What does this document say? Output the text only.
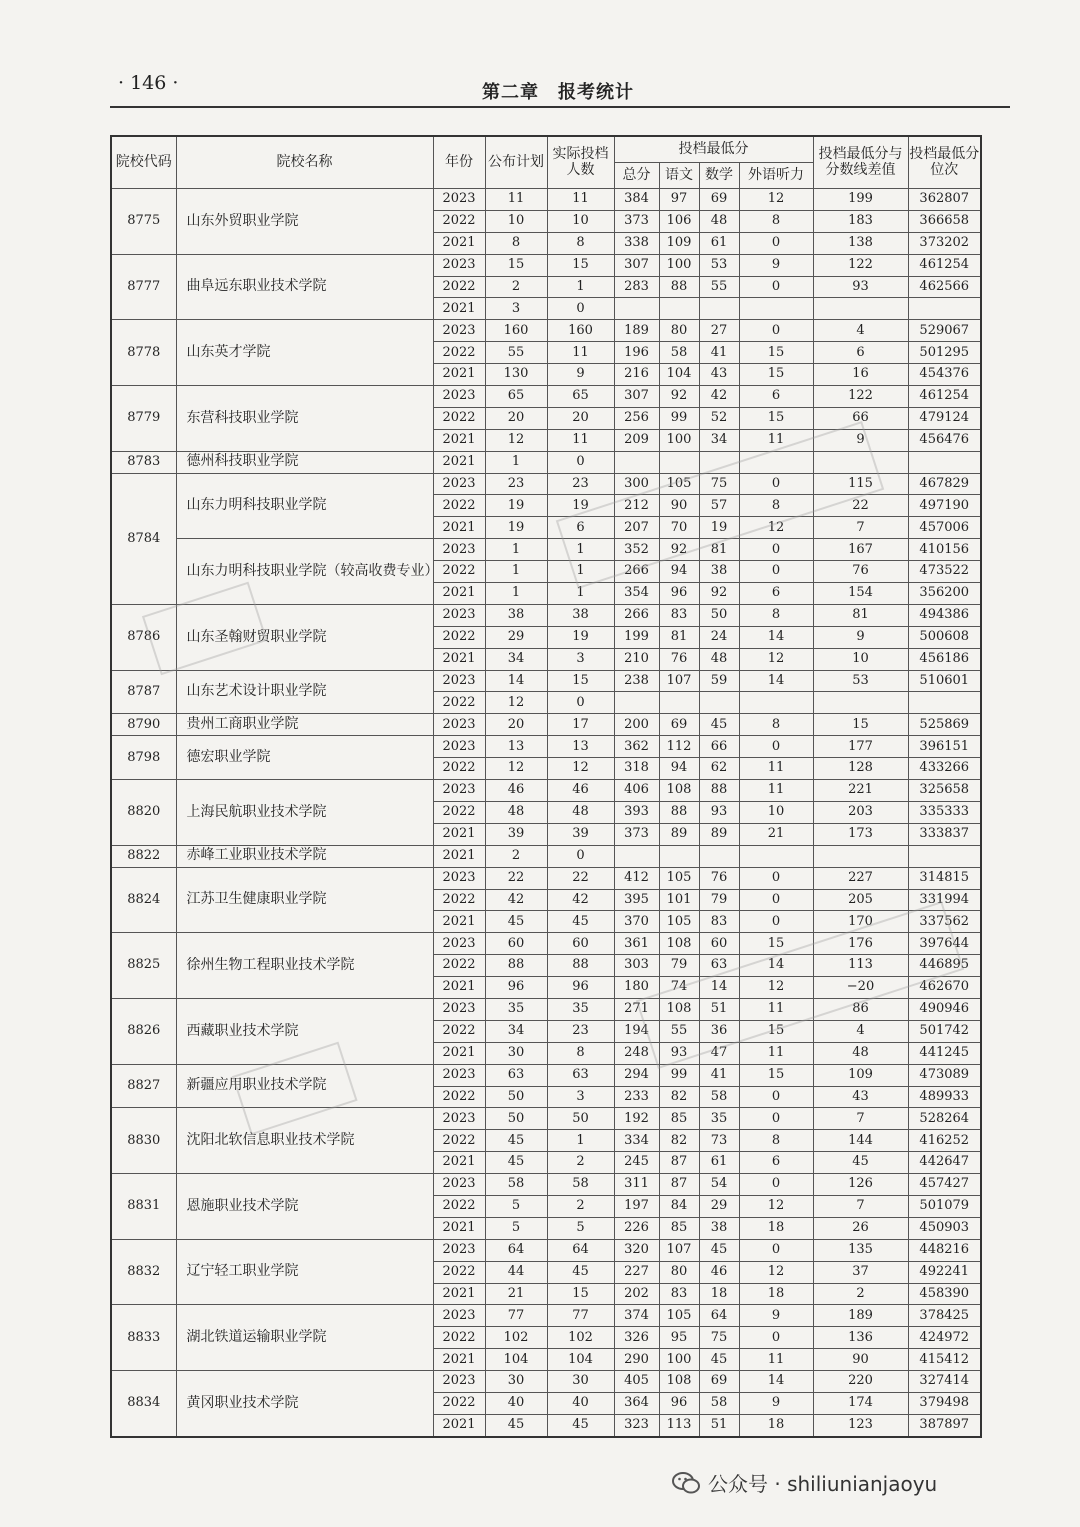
· 146 ·	第二章　报考统计
院校代码	院校名称	年份	公布计划	实际投档人数	投档最低分				投档最低分与分数线差值	投档最低分位次
					总分	语文	数学	外语听力		
8775	山东外贸职业学院	2023	11	11	384	97	69	12	199	362807
		2022	10	10	373	106	48	8	183	366658
		2021	8	8	338	109	61	0	138	373202
8777	曲阜远东职业技术学院	2023	15	15	307	100	53	9	122	461254
		2022	2	1	283	88	55	0	93	462566
		2021	3	0						
8778	山东英才学院	2023	160	160	189	80	27	0	4	529067
		2022	55	11	196	58	41	15	6	501295
		2021	130	9	216	104	43	15	16	454376
8779	东营科技职业学院	2023	65	65	307	92	42	6	122	461254
		2022	20	20	256	99	52	15	66	479124
		2021	12	11	209	100	34	11	9	456476
8783	德州科技职业学院	2021	1	0						
8784	山东力明科技职业学院	2023	23	23	300	105	75	0	115	467829
		2022	19	19	212	90	57	8	22	497190
		2021	19	6	207	70	19	12	7	457006
	山东力明科技职业学院（较高收费专业）	2023	1	1	352	92	81	0	167	410156
		2022	1	1	266	94	38	0	76	473522
		2021	1	1	354	96	92	6	154	356200
8786	山东圣翰财贸职业学院	2023	38	38	266	83	50	8	81	494386
		2022	29	19	199	81	24	14	9	500608
		2021	34	3	210	76	48	12	10	456186
8787	山东艺术设计职业学院	2023	14	15	238	107	59	14	53	510601
		2022	12	0						
8790	贵州工商职业学院	2023	20	17	200	69	45	8	15	525869
8798	德宏职业学院	2023	13	13	362	112	66	0	177	396151
		2022	12	12	318	94	62	11	128	433266
8820	上海民航职业技术学院	2023	46	46	406	108	88	11	221	325658
		2022	48	48	393	88	93	10	203	335333
		2021	39	39	373	89	89	21	173	333837
8822	赤峰工业职业技术学院	2021	2	0						
8824	江苏卫生健康职业学院	2023	22	22	412	105	76	0	227	314815
		2022	42	42	395	101	79	0	205	331994
		2021	45	45	370	105	83	0	170	337562
8825	徐州生物工程职业技术学院	2023	60	60	361	108	60	15	176	397644
		2022	88	88	303	79	63	14	113	446895
		2021	96	96	180	74	14	12	−20	462670
8826	西藏职业技术学院	2023	35	35	271	108	51	11	86	490946
		2022	34	23	194	55	36	15	4	501742
		2021	30	8	248	93	47	11	48	441245
8827	新疆应用职业技术学院	2023	63	63	294	99	41	15	109	473089
		2022	50	3	233	82	58	0	43	489933
8830	沈阳北软信息职业技术学院	2023	50	50	192	85	35	0	7	528264
		2022	45	1	334	82	73	8	144	416252
		2021	45	2	245	87	61	6	45	442647
8831	恩施职业技术学院	2023	58	58	311	87	54	0	126	457427
		2022	5	2	197	84	29	12	7	501079
		2021	5	5	226	85	38	18	26	450903
8832	辽宁轻工职业学院	2023	64	64	320	107	45	0	135	448216
		2022	44	45	227	80	46	12	37	492241
		2021	21	15	202	83	18	18	2	458390
8833	湖北铁道运输职业学院	2023	77	77	374	105	64	9	189	378425
		2022	102	102	326	95	75	0	136	424972
		2021	104	104	290	100	45	11	90	415412
8834	黄冈职业技术学院	2023	30	30	405	108	69	14	220	327414
		2022	40	40	364	96	58	9	174	379498
		2021	45	45	323	113	51	18	123	387897
公众号 · shiliunianjaoyu
